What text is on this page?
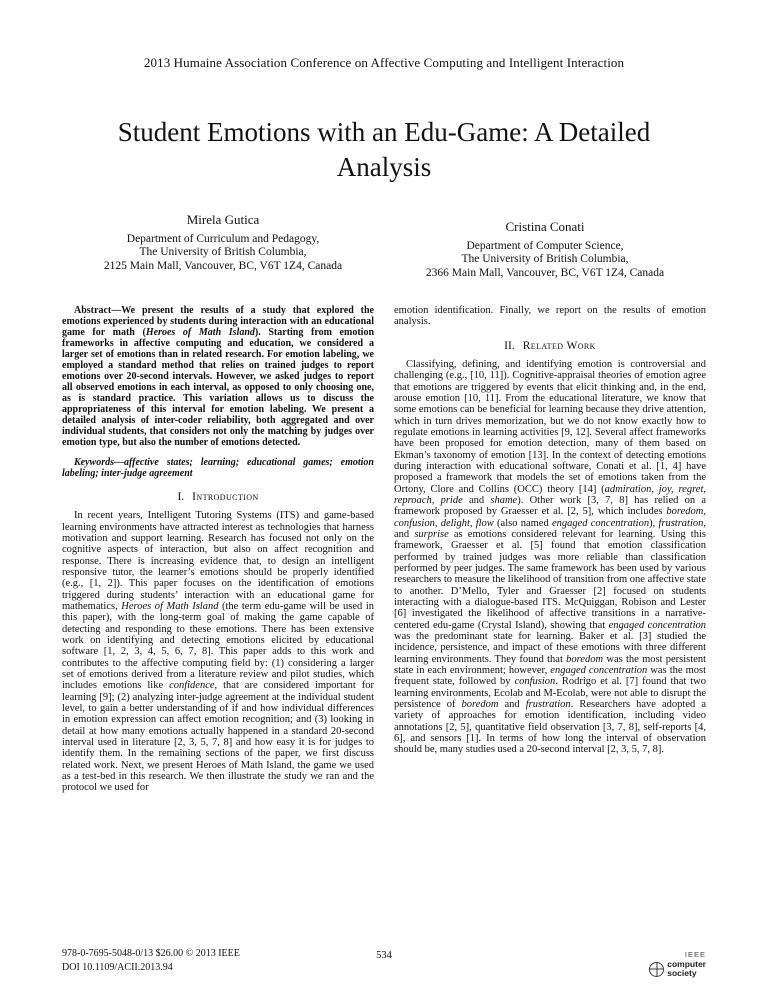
2013 Humaine Association Conference on Affective Computing and Intelligent Interaction
Student Emotions with an Edu-Game: A Detailed Analysis
Mirela Gutica
Department of Curriculum and Pedagogy,
The University of British Columbia,
2125 Main Mall, Vancouver, BC, V6T 1Z4, Canada
Cristina Conati
Department of Computer Science,
The University of British Columbia,
2366 Main Mall, Vancouver, BC, V6T 1Z4, Canada

Abstract—We present the results of a study that explored the emotions experienced by students during interaction with an educational game for math (Heroes of Math Island). Starting from emotion frameworks in affective computing and education, we considered a larger set of emotions than in related research. For emotion labeling, we employed a standard method that relies on trained judges to report emotions over 20-second intervals. However, we asked judges to report all observed emotions in each interval, as opposed to only choosing one, as is standard practice. This variation allows us to discuss the appropriateness of this interval for emotion labeling. We present a detailed analysis of inter-coder reliability, both aggregated and over individual students, that considers not only the matching by judges over emotion type, but also the number of emotions detected.

Keywords—affective states; learning; educational games; emotion labeling; inter-judge agreement

I. Introduction

In recent years, Intelligent Tutoring Systems (ITS) and game-based learning environments have attracted interest as technologies that harness motivation and support learning. Research has focused not only on the cognitive aspects of interaction, but also on affect recognition and response. There is increasing evidence that, to design an intelligent responsive tutor, the learner’s emotions should be properly identified (e.g., [1, 2]). This paper focuses on the identification of emotions triggered during students’ interaction with an educational game for mathematics, Heroes of Math Island (the term edu-game will be used in this paper), with the long-term goal of making the game capable of detecting and responding to these emotions. There has been extensive work on identifying and detecting emotions elicited by educational software [1, 2, 3, 4, 5, 6, 7, 8]. This paper adds to this work and contributes to the affective computing field by: (1) considering a larger set of emotions derived from a literature review and pilot studies, which includes emotions like confidence, that are considered important for learning [9]; (2) analyzing inter-judge agreement at the individual student level, to gain a better understanding of if and how individual differences in emotion expression can affect emotion recognition; and (3) looking in detail at how many emotions actually happened in a standard 20-second interval used in literature [2, 3, 5, 7, 8] and how easy it is for judges to identify them. In the remaining sections of the paper, we first discuss related work. Next, we present Heroes of Math Island, the game we used as a test-bed in this research. We then illustrate the study we ran and the protocol we used for

emotion identification. Finally, we report on the results of emotion analysis.

II. Related Work

Classifying, defining, and identifying emotion is controversial and challenging (e.g., [10, 11]). Cognitive-appraisal theories of emotion agree that emotions are triggered by events that elicit thinking and, in the end, arouse emotion [10, 11]. From the educational literature, we know that some emotions can be beneficial for learning because they drive attention, which in turn drives memorization, but we do not know exactly how to regulate emotions in learning activities [9, 12]. Several affect frameworks have been proposed for emotion detection, many of them based on Ekman’s taxonomy of emotion [13]. In the context of detecting emotions during interaction with educational software, Conati et al. [1, 4] have proposed a framework that models the set of emotions taken from the Ortony, Clore and Collins (OCC) theory [14] (admiration, joy, regret, reproach, pride and shame). Other work [3, 7, 8] has relied on a framework proposed by Graesser et al. [2, 5], which includes boredom, confusion, delight, flow (also named engaged concentration), frustration, and surprise as emotions considered relevant for learning. Using this framework, Graesser et al. [5] found that emotion classification performed by trained judges was more reliable than classification performed by peer judges. The same framework has been used by various researchers to measure the likelihood of transition from one affective state to another. D’Mello, Tyler and Graesser [2] focused on students interacting with a dialogue-based ITS. McQuiggan, Robison and Lester [6] investigated the likelihood of affective transitions in a narrative-centered edu-game (Crystal Island), showing that engaged concentration was the predominant state for learning. Baker et al. [3] studied the incidence, persistence, and impact of these emotions with three different learning environments. They found that boredom was the most persistent state in each environment; however, engaged concentration was the most frequent state, followed by confusion. Rodrigo et al. [7] found that two learning environments, Ecolab and M-Ecolab, were not able to disrupt the persistence of boredom and frustration. Researchers have adopted a variety of approaches for emotion identification, including video annotations [2, 5], quantitative field observation [3, 7, 8], self-reports [4, 6], and sensors [1]. In terms of how long the interval of observation should be, many studies used a 20-second interval [2, 3, 5, 7, 8].

978-0-7695-5048-0/13 $26.00 © 2013 IEEE
DOI 10.1109/ACII.2013.94
534	IEEE
computer
society
